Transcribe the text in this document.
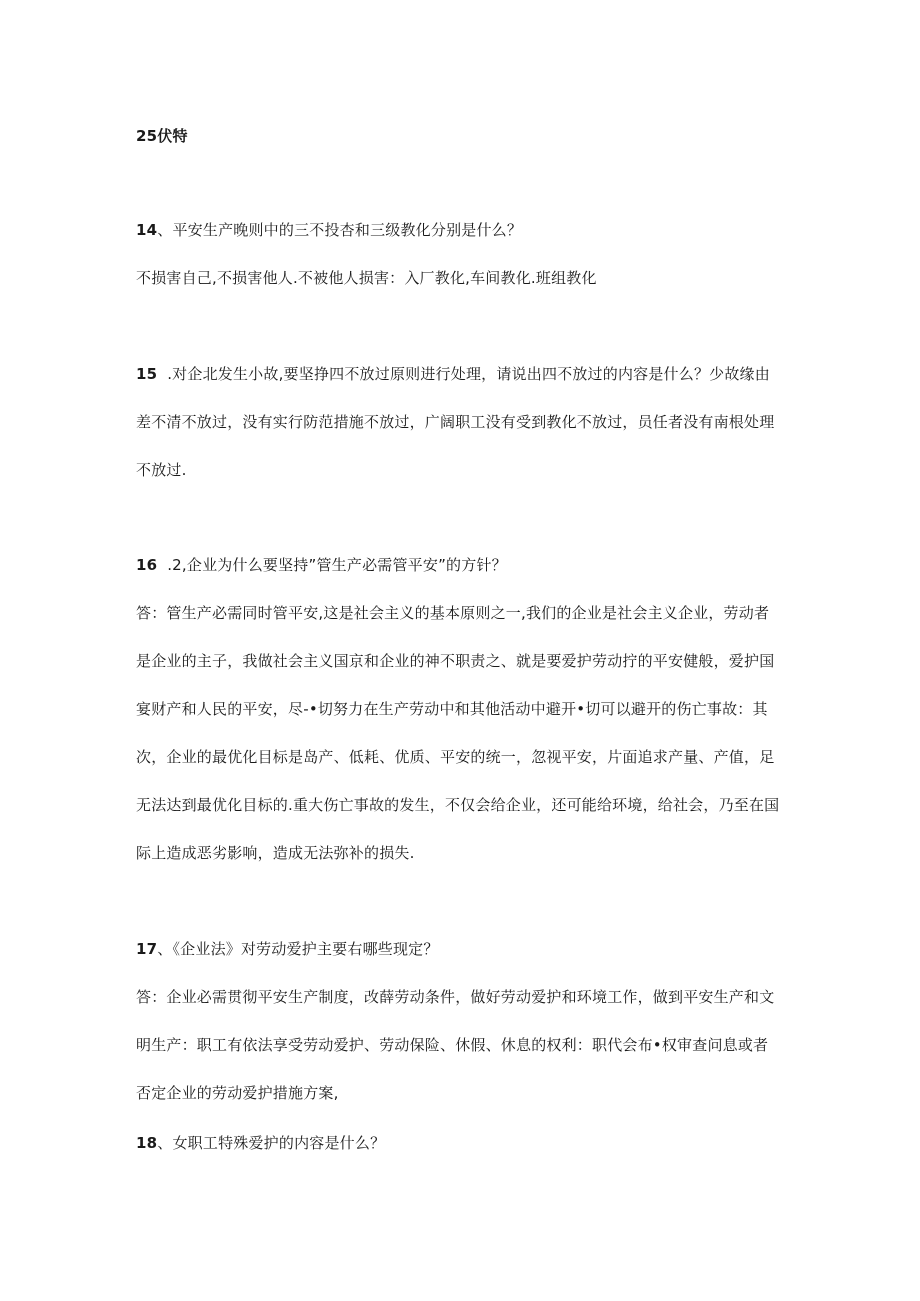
25伏特
14、平安生产晚则中的三不投杏和三级教化分别是什么？
不损害自己,不损害他人.不被他人损害：入厂教化,车间教化.班组教化
15  .对企北发生小故,要坚挣四不放过原则进行处理，请说出四不放过的内容是什么？少故缘由
差不清不放过，没有实行防范措施不放过，广阔职工没有受到教化不放过，员任者没有南根处理
不放过.
16  .2,企业为什么要坚持”管生产必需管平安”的方针？
答：管生产必需同时管平安,这是社会主义的基本原则之一,我们的企业是社会主义企业，劳动者
是企业的主子，我做社会主义国京和企业的神不职责之、就是要爱护劳动拧的平安健般，爱护国
宴财产和人民的平安，尽-•切努力在生产劳动中和其他活动中避开•切可以避开的伤亡事故：其
次，企业的最优化目标是岛产、低耗、优质、平安的统一，忽视平安，片面追求产量、产值，足
无法达到最优化目标的.重大伤亡事故的发生，不仅会给企业，还可能给环境，给社会，乃至在国
际上造成恶劣影响，造成无法弥补的损失.
17、《企业法》对劳动爱护主要右哪些现定？
答：企业必需贯彻平安生产制度，改薛劳动条件，做好劳动爱护和环境工作，做到平安生产和文
明生产：职工有依法享受劳动爱护、劳动保险、休假、休息的权利：职代会布•权审查问息或者
否定企业的劳动爱护措施方案,
18、女职工特殊爱护的内容是什么？
